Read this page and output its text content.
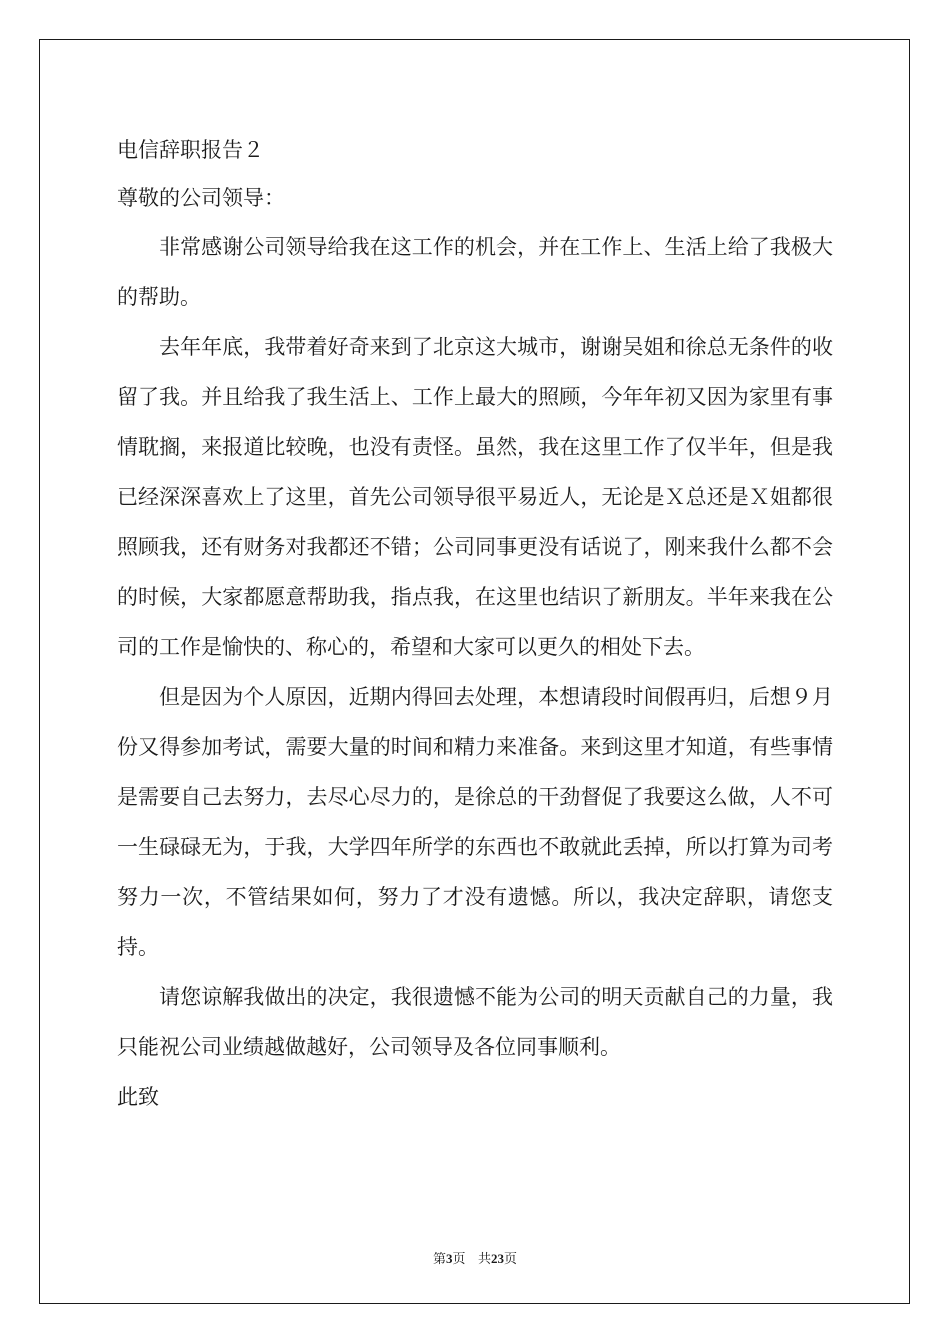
电信辞职报告２

尊敬的公司领导：

非常感谢公司领导给我在这工作的机会，并在工作上、生活上给了我极大的帮助。

去年年底，我带着好奇来到了北京这大城市，谢谢吴姐和徐总无条件的收留了我。并且给我了我生活上、工作上最大的照顾，今年年初又因为家里有事情耽搁，来报道比较晚，也没有责怪。虽然，我在这里工作了仅半年，但是我已经深深喜欢上了这里，首先公司领导很平易近人，无论是Ｘ总还是Ｘ姐都很照顾我，还有财务对我都还不错；公司同事更没有话说了，刚来我什么都不会的时候，大家都愿意帮助我，指点我，在这里也结识了新朋友。半年来我在公司的工作是愉快的、称心的，希望和大家可以更久的相处下去。

但是因为个人原因，近期内得回去处理，本想请段时间假再归，后想９月份又得参加考试，需要大量的时间和精力来准备。来到这里才知道，有些事情是需要自己去努力，去尽心尽力的，是徐总的干劲督促了我要这么做，人不可一生碌碌无为，于我，大学四年所学的东西也不敢就此丢掉，所以打算为司考努力一次，不管结果如何，努力了才没有遗憾。所以，我决定辞职，请您支持。

请您谅解我做出的决定，我很遗憾不能为公司的明天贡献自己的力量，我只能祝公司业绩越做越好，公司领导及各位同事顺利。

此致

第3页 共23页
